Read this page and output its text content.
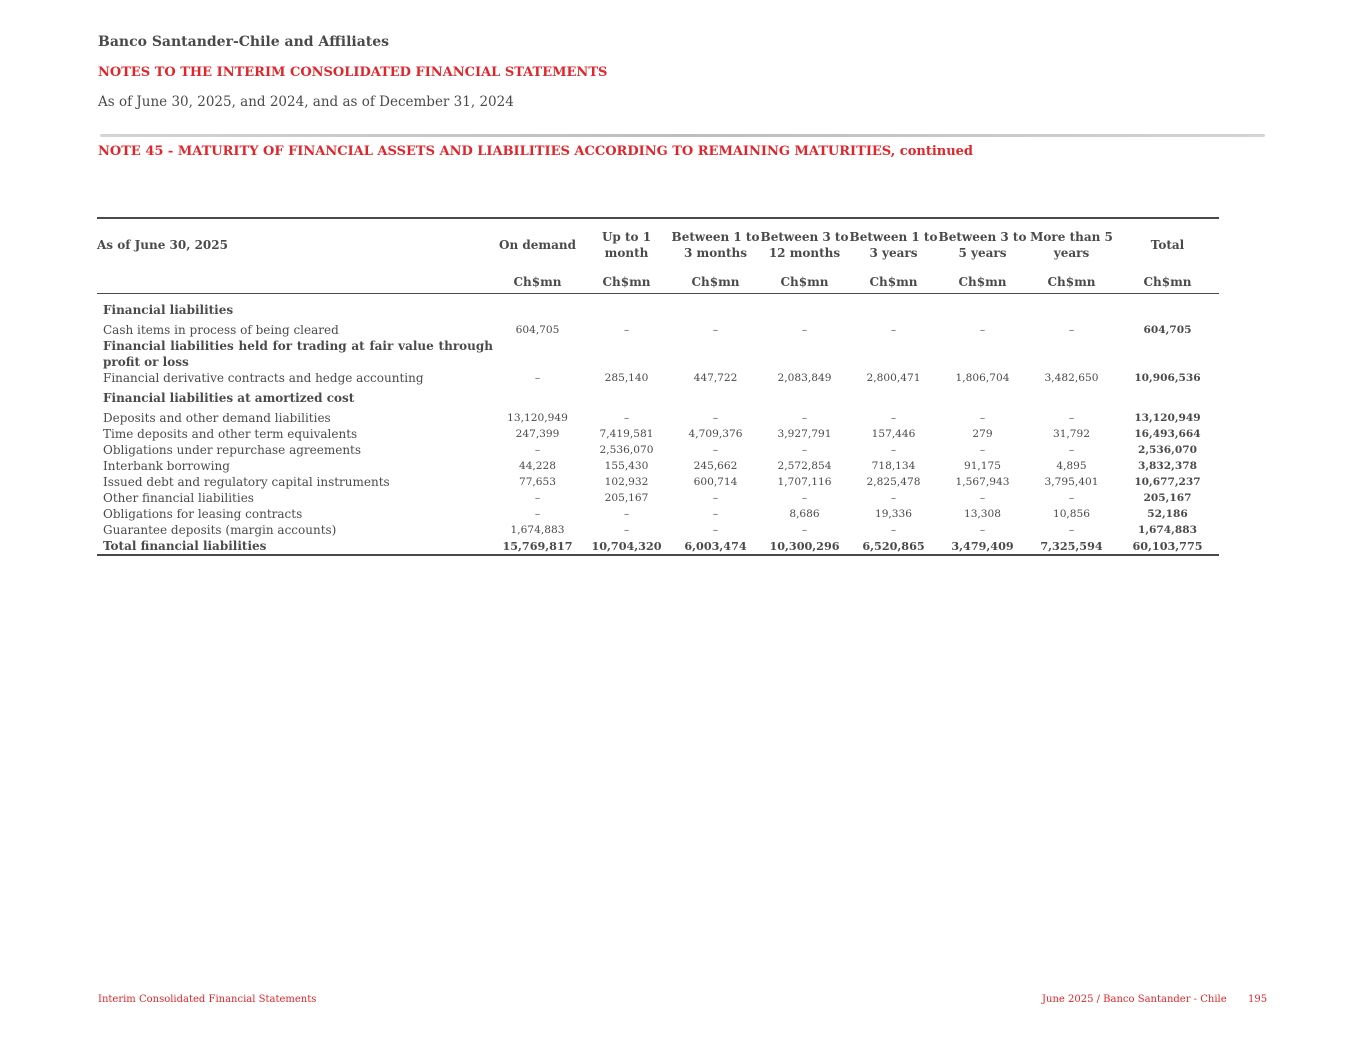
Banco Santander-Chile and Affiliates
NOTES TO THE INTERIM CONSOLIDATED FINANCIAL STATEMENTS
As of June 30, 2025, and 2024, and as of December 31, 2024
NOTE 45 - MATURITY OF FINANCIAL ASSETS AND LIABILITIES ACCORDING TO REMAINING MATURITIES, continued
As of June 30, 2025	On demand	Up to 1 month	Between 1 to 3 months	Between 3 to 12 months	Between 1 to 3 years	Between 3 to 5 years	More than 5 years	Total
	Ch$mn	Ch$mn	Ch$mn	Ch$mn	Ch$mn	Ch$mn	Ch$mn	Ch$mn
Financial liabilities								
Cash items in process of being cleared	604,705	–	–	–	–	–	–	604,705
Financial liabilities held for trading at fair value through profit or loss								
Financial derivative contracts and hedge accounting	–	285,140	447,722	2,083,849	2,800,471	1,806,704	3,482,650	10,906,536
Financial liabilities at amortized cost								
Deposits and other demand liabilities	13,120,949	–	–	–	–	–	–	13,120,949
Time deposits and other term equivalents	247,399	7,419,581	4,709,376	3,927,791	157,446	279	31,792	16,493,664
Obligations under repurchase agreements	–	2,536,070	–	–	–	–	–	2,536,070
Interbank borrowing	44,228	155,430	245,662	2,572,854	718,134	91,175	4,895	3,832,378
Issued debt and regulatory capital instruments	77,653	102,932	600,714	1,707,116	2,825,478	1,567,943	3,795,401	10,677,237
Other financial liabilities	–	205,167	–	–	–	–	–	205,167
Obligations for leasing contracts	–	–	–	8,686	19,336	13,308	10,856	52,186
Guarantee deposits (margin accounts)	1,674,883	–	–	–	–	–	–	1,674,883
Total financial liabilities	15,769,817	10,704,320	6,003,474	10,300,296	6,520,865	3,479,409	7,325,594	60,103,775
Interim Consolidated Financial Statements	June 2025 / Banco Santander - Chile 195
